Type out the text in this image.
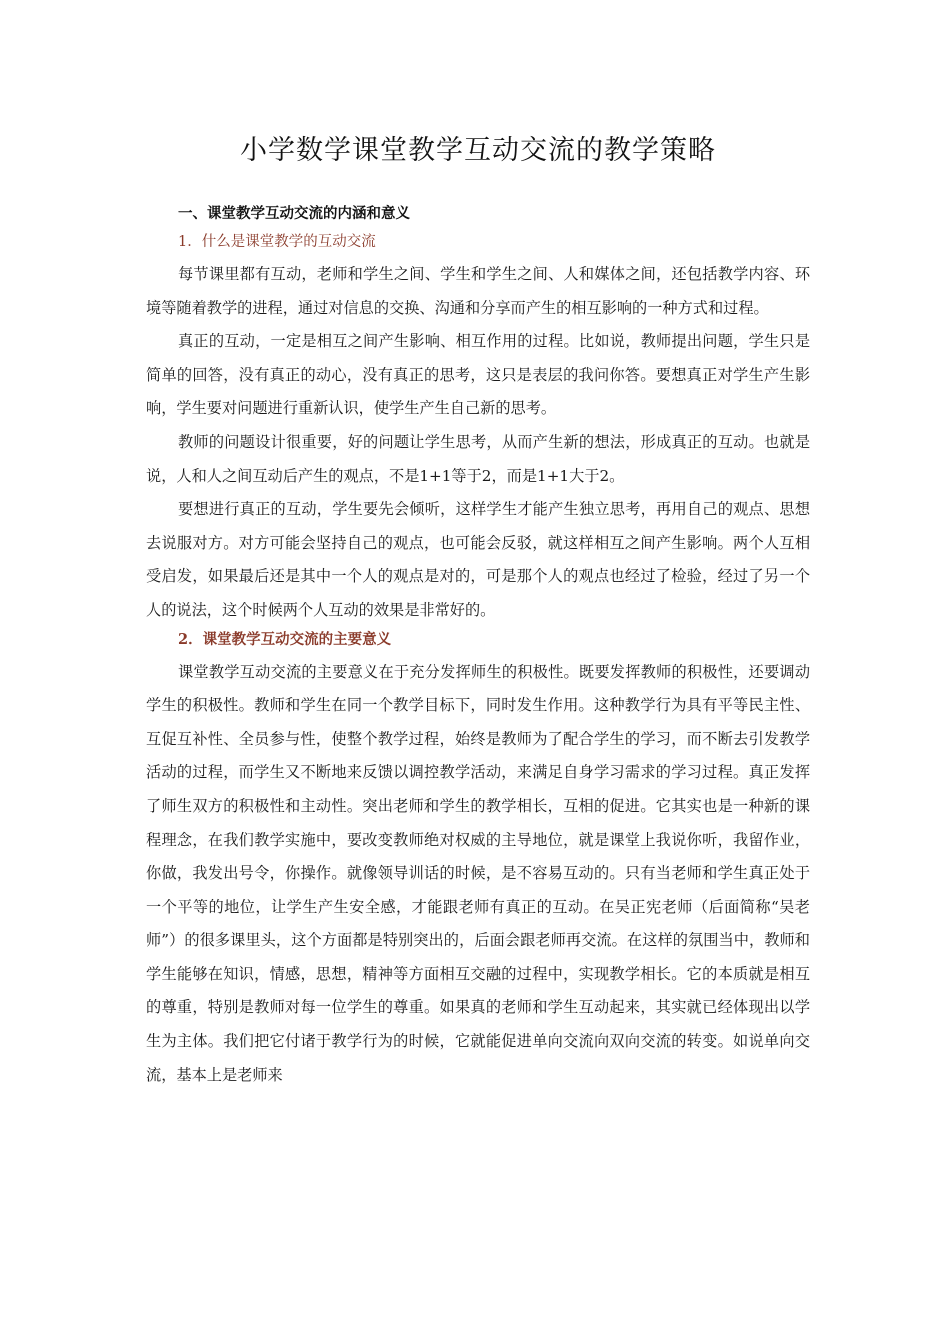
小学数学课堂教学互动交流的教学策略
一、课堂教学互动交流的内涵和意义
1．什么是课堂教学的互动交流

每节课里都有互动，老师和学生之间、学生和学生之间、人和媒体之间，还包括教学内容、环境等随着教学的进程，通过对信息的交换、沟通和分享而产生的相互影响的一种方式和过程。

真正的互动，一定是相互之间产生影响、相互作用的过程。比如说，教师提出问题，学生只是简单的回答，没有真正的动心，没有真正的思考，这只是表层的我问你答。要想真正对学生产生影响，学生要对问题进行重新认识，使学生产生自己新的思考。

教师的问题设计很重要，好的问题让学生思考，从而产生新的想法，形成真正的互动。也就是说，人和人之间互动后产生的观点，不是1+1等于2，而是1+1大于2。

要想进行真正的互动，学生要先会倾听，这样学生才能产生独立思考，再用自己的观点、思想去说服对方。对方可能会坚持自己的观点，也可能会反驳，就这样相互之间产生影响。两个人互相受启发，如果最后还是其中一个人的观点是对的，可是那个人的观点也经过了检验，经过了另一个人的说法，这个时候两个人互动的效果是非常好的。

2．课堂教学互动交流的主要意义

课堂教学互动交流的主要意义在于充分发挥师生的积极性。既要发挥教师的积极性，还要调动学生的积极性。教师和学生在同一个教学目标下，同时发生作用。这种教学行为具有平等民主性、互促互补性、全员参与性，使整个教学过程，始终是教师为了配合学生的学习，而不断去引发教学活动的过程，而学生又不断地来反馈以调控教学活动，来满足自身学习需求的学习过程。真正发挥了师生双方的积极性和主动性。突出老师和学生的教学相长，互相的促进。它其实也是一种新的课程理念，在我们教学实施中，要改变教师绝对权威的主导地位，就是课堂上我说你听，我留作业，你做，我发出号令，你操作。就像领导训话的时候，是不容易互动的。只有当老师和学生真正处于一个平等的地位，让学生产生安全感，才能跟老师有真正的互动。在吴正宪老师（后面简称“吴老师”）的很多课里头，这个方面都是特别突出的，后面会跟老师再交流。在这样的氛围当中，教师和学生能够在知识，情感，思想，精神等方面相互交融的过程中，实现教学相长。它的本质就是相互的尊重，特别是教师对每一位学生的尊重。如果真的老师和学生互动起来，其实就已经体现出以学生为主体。我们把它付诸于教学行为的时候，它就能促进单向交流向双向交流的转变。如说单向交流，基本上是老师来
